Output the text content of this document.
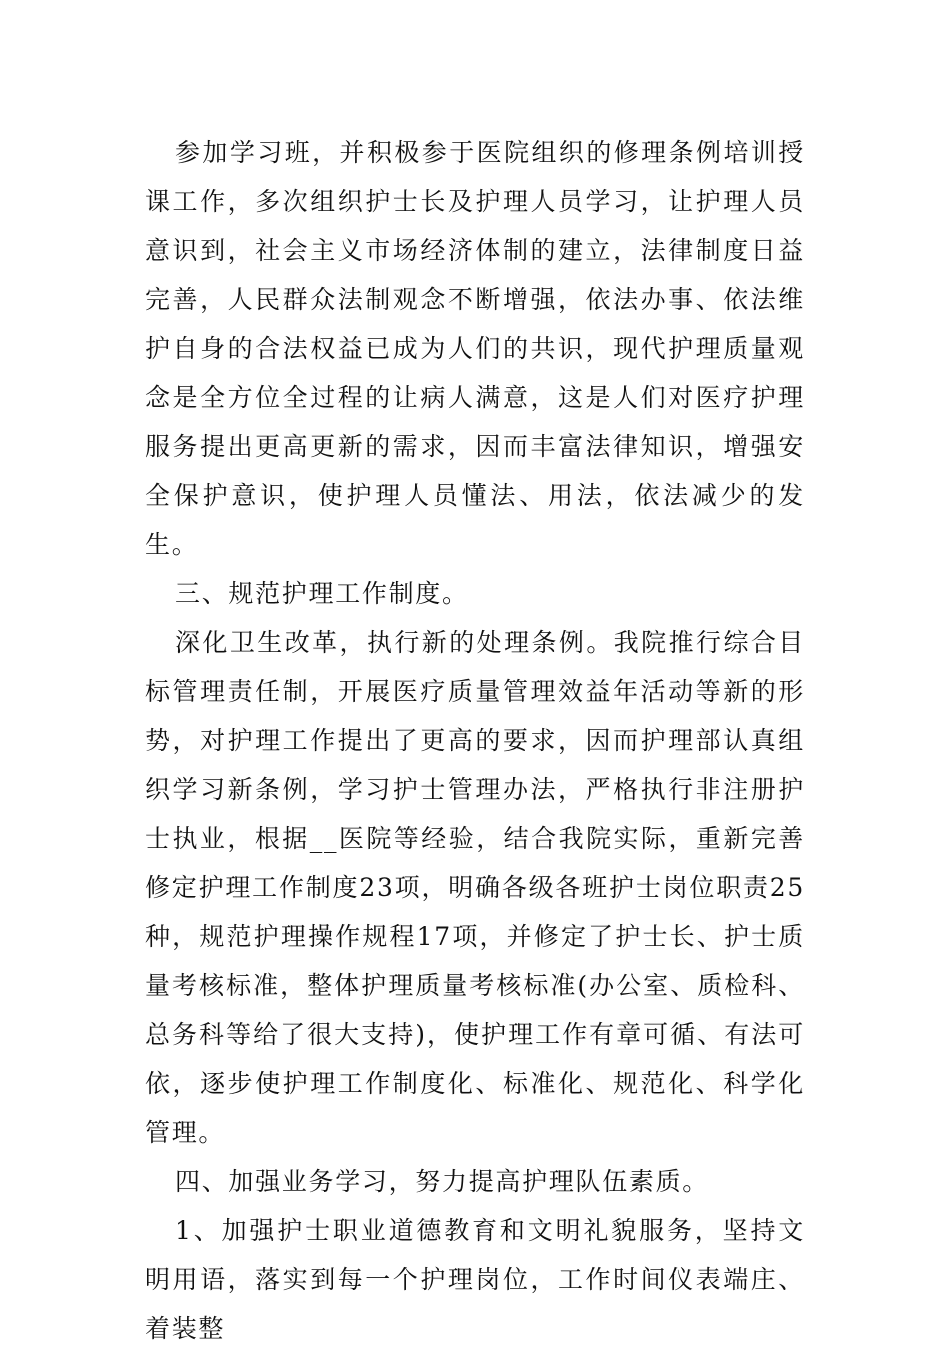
参加学习班，并积极参于医院组织的修理条例培训授课工作，多次组织护士长及护理人员学习，让护理人员意识到，社会主义市场经济体制的建立，法律制度日益完善，人民群众法制观念不断增强，依法办事、依法维护自身的合法权益已成为人们的共识，现代护理质量观念是全方位全过程的让病人满意，这是人们对医疗护理服务提出更高更新的需求，因而丰富法律知识，增强安全保护意识，使护理人员懂法、用法，依法减少的发生。

三、规范护理工作制度。

深化卫生改革，执行新的处理条例。我院推行综合目标管理责任制，开展医疗质量管理效益年活动等新的形势，对护理工作提出了更高的要求，因而护理部认真组织学习新条例，学习护士管理办法，严格执行非注册护士执业，根据__医院等经验，结合我院实际，重新完善修定护理工作制度23项，明确各级各班护士岗位职责25种，规范护理操作规程17项，并修定了护士长、护士质量考核标准，整体护理质量考核标准(办公室、质检科、总务科等给了很大支持)，使护理工作有章可循、有法可依，逐步使护理工作制度化、标准化、规范化、科学化管理。

四、加强业务学习，努力提高护理队伍素质。

1、加强护士职业道德教育和文明礼貌服务，坚持文明用语，落实到每一个护理岗位，工作时间仪表端庄、着装整
